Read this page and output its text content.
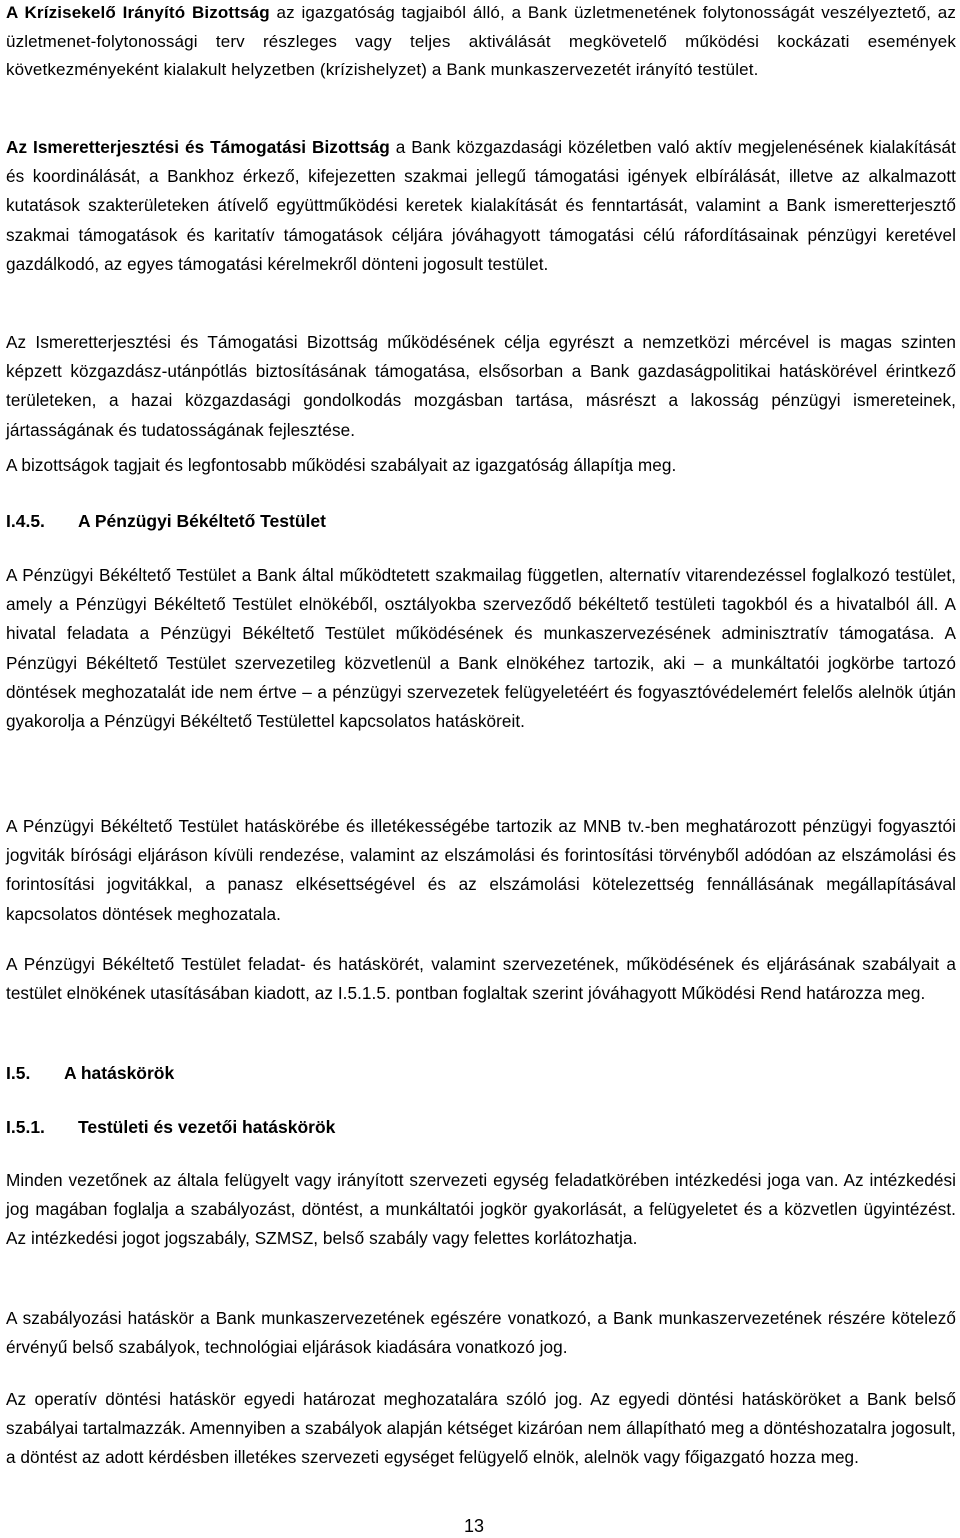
A Krízisekelő Irányító Bizottság az igazgatóság tagjaiból álló, a Bank üzletmenetének folytonosságát veszélyeztető, az üzletmenet-folytonossági terv részleges vagy teljes aktiválását megkövetelő működési kockázati események következményeként kialakult helyzetben (krízishelyzet) a Bank munkaszervezetét irányító testület.

Az Ismeretterjesztési és Támogatási Bizottság a Bank közgazdasági közéletben való aktív megjelenésének kialakítását és koordinálását, a Bankhoz érkező, kifejezetten szakmai jellegű támogatási igények elbírálását, illetve az alkalmazott kutatások szakterületeken átívelő együttműködési keretek kialakítását és fenntartását, valamint a Bank ismeretterjesztő szakmai támogatások és karitatív támogatások céljára jóváhagyott támogatási célú ráfordításainak pénzügyi keretével gazdálkodó, az egyes támogatási kérelmekről dönteni jogosult testület.

Az Ismeretterjesztési és Támogatási Bizottság működésének célja egyrészt a nemzetközi mércével is magas szinten képzett közgazdász-utánpótlás biztosításának támogatása, elsősorban a Bank gazdaságpolitikai hatáskörével érintkező területeken, a hazai közgazdasági gondolkodás mozgásban tartása, másrészt a lakosság pénzügyi ismereteinek, jártasságának és tudatosságának fejlesztése.

A bizottságok tagjait és legfontosabb működési szabályait az igazgatóság állapítja meg.

I.4.5. A Pénzügyi Békéltető Testület

A Pénzügyi Békéltető Testület a Bank által működtetett szakmailag független, alternatív vitarendezéssel foglalkozó testület, amely a Pénzügyi Békéltető Testület elnökéből, osztályokba szerveződő békéltető testületi tagokból és a hivatalból áll. A hivatal feladata a Pénzügyi Békéltető Testület működésének és munkaszervezésének adminisztratív támogatása. A Pénzügyi Békéltető Testület szervezetileg közvetlenül a Bank elnökéhez tartozik, aki – a munkáltatói jogkörbe tartozó döntések meghozatalát ide nem értve – a pénzügyi szervezetek felügyeletéért és fogyasztóvédelemért felelős alelnök útján gyakorolja a Pénzügyi Békéltető Testülettel kapcsolatos hatásköreit.

A Pénzügyi Békéltető Testület hatáskörébe és illetékességébe tartozik az MNB tv.-ben meghatározott pénzügyi fogyasztói jogviták bírósági eljáráson kívüli rendezése, valamint az elszámolási és forintosítási törvényből adódóan az elszámolási és forintosítási jogvitákkal, a panasz elkésettségével és az elszámolási kötelezettség fennállásának megállapításával kapcsolatos döntések meghozatala.

A Pénzügyi Békéltető Testület feladat- és hatáskörét, valamint szervezetének, működésének és eljárásának szabályait a testület elnökének utasításában kiadott, az I.5.1.5. pontban foglaltak szerint jóváhagyott Működési Rend határozza meg.

I.5. A hatáskörök
I.5.1. Testületi és vezetői hatáskörök

Minden vezetőnek az általa felügyelt vagy irányított szervezeti egység feladatkörében intézkedési joga van. Az intézkedési jog magában foglalja a szabályozást, döntést, a munkáltatói jogkör gyakorlását, a felügyeletet és a közvetlen ügyintézést. Az intézkedési jogot jogszabály, SZMSZ, belső szabály vagy felettes korlátozhatja.

A szabályozási hatáskör a Bank munkaszervezetének egészére vonatkozó, a Bank munkaszervezetének részére kötelező érvényű belső szabályok, technológiai eljárások kiadására vonatkozó jog.

Az operatív döntési hatáskör egyedi határozat meghozatalára szóló jog. Az egyedi döntési hatásköröket a Bank belső szabályai tartalmazzák. Amennyiben a szabályok alapján kétséget kizáróan nem állapítható meg a döntéshozatalra jogosult, a döntést az adott kérdésben illetékes szervezeti egységet felügyelő elnök, alelnök vagy főigazgató hozza meg.

13
